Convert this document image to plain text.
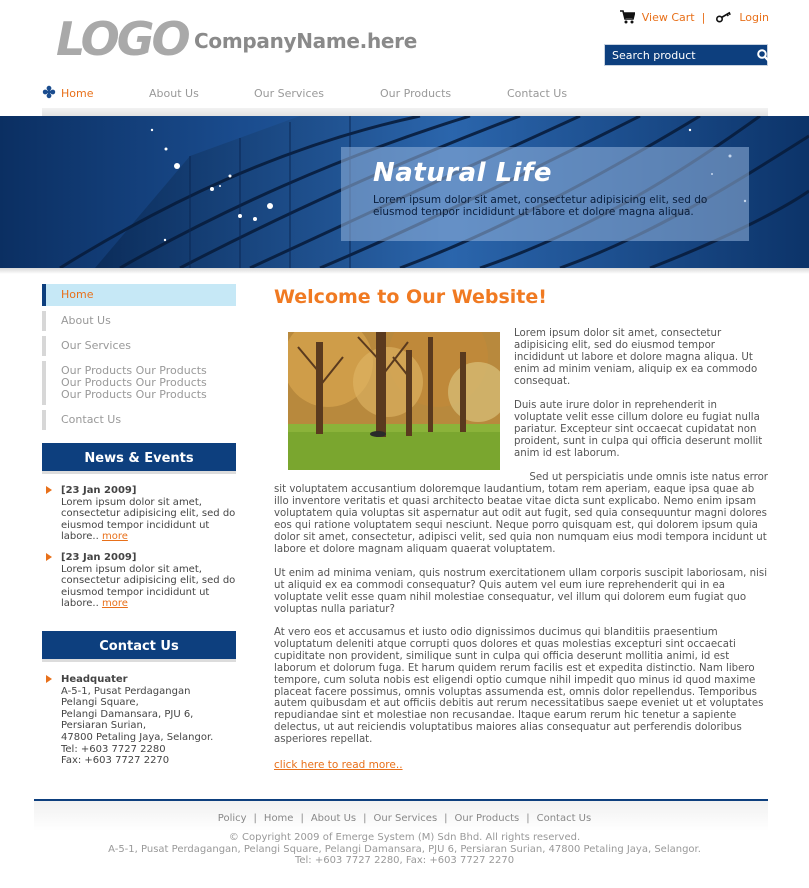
LOGO CompanyName.here
View Cart |	Login
Search product
Home	About Us	Our Services	Our Products	Contact Us
Natural Life
Lorem ipsum dolor sit amet, consectetur adipisicing elit, sed do eiusmod tempor incididunt ut labore et dolore magna aliqua.
Home
About Us
Our Services
Our Products Our Products
Our Products Our Products
Our Products Our Products
Contact Us
News & Events
[23 Jan 2009]
Lorem ipsum dolor sit amet, consectetur adipisicing elit, sed do eiusmod tempor incididunt ut labore.. more
[23 Jan 2009]
Lorem ipsum dolor sit amet, consectetur adipisicing elit, sed do eiusmod tempor incididunt ut labore.. more
Contact Us
Headquater
A-5-1, Pusat Perdagangan
Pelangi Square,
Pelangi Damansara, PJU 6,
Persiaran Surian,
47800 Petaling Jaya, Selangor.
Tel: +603 7727 2280
Fax: +603 7727 2270
Welcome to Our Website!
Lorem ipsum dolor sit amet, consectetur adipisicing elit, sed do eiusmod tempor incididunt ut labore et dolore magna aliqua. Ut enim ad minim veniam, aliquip ex ea commodo consequat.
Duis aute irure dolor in reprehenderit in voluptate velit esse cillum dolore eu fugiat nulla pariatur. Excepteur sint occaecat cupidatat non proident, sunt in culpa qui officia deserunt mollit anim id est laborum.
Sed ut perspiciatis unde omnis iste natus error
sit voluptatem accusantium doloremque laudantium, totam rem aperiam, eaque ipsa quae ab illo inventore veritatis et quasi architecto beatae vitae dicta sunt explicabo. Nemo enim ipsam voluptatem quia voluptas sit aspernatur aut odit aut fugit, sed quia consequuntur magni dolores eos qui ratione voluptatem sequi nesciunt. Neque porro quisquam est, qui dolorem ipsum quia dolor sit amet, consectetur, adipisci velit, sed quia non numquam eius modi tempora incidunt ut labore et dolore magnam aliquam quaerat voluptatem.
Ut enim ad minima veniam, quis nostrum exercitationem ullam corporis suscipit laboriosam, nisi ut aliquid ex ea commodi consequatur? Quis autem vel eum iure reprehenderit qui in ea voluptate velit esse quam nihil molestiae consequatur, vel illum qui dolorem eum fugiat quo voluptas nulla pariatur?
At vero eos et accusamus et iusto odio dignissimos ducimus qui blanditiis praesentium voluptatum deleniti atque corrupti quos dolores et quas molestias excepturi sint occaecati cupiditate non provident, similique sunt in culpa qui officia deserunt mollitia animi, id est laborum et dolorum fuga. Et harum quidem rerum facilis est et expedita distinctio. Nam libero tempore, cum soluta nobis est eligendi optio cumque nihil impedit quo minus id quod maxime placeat facere possimus, omnis voluptas assumenda est, omnis dolor repellendus. Temporibus autem quibusdam et aut officiis debitis aut rerum necessitatibus saepe eveniet ut et voluptates repudiandae sint et molestiae non recusandae. Itaque earum rerum hic tenetur a sapiente delectus, ut aut reiciendis voluptatibus maiores alias consequatur aut perferendis doloribus asperiores repellat.
click here to read more..
Policy | Home | About Us | Our Services | Our Products | Contact Us
© Copyright 2009 of Emerge System (M) Sdn Bhd. All rights reserved.
A-5-1, Pusat Perdagangan, Pelangi Square, Pelangi Damansara, PJU 6, Persiaran Surian, 47800 Petaling Jaya, Selangor.
Tel: +603 7727 2280, Fax: +603 7727 2270
